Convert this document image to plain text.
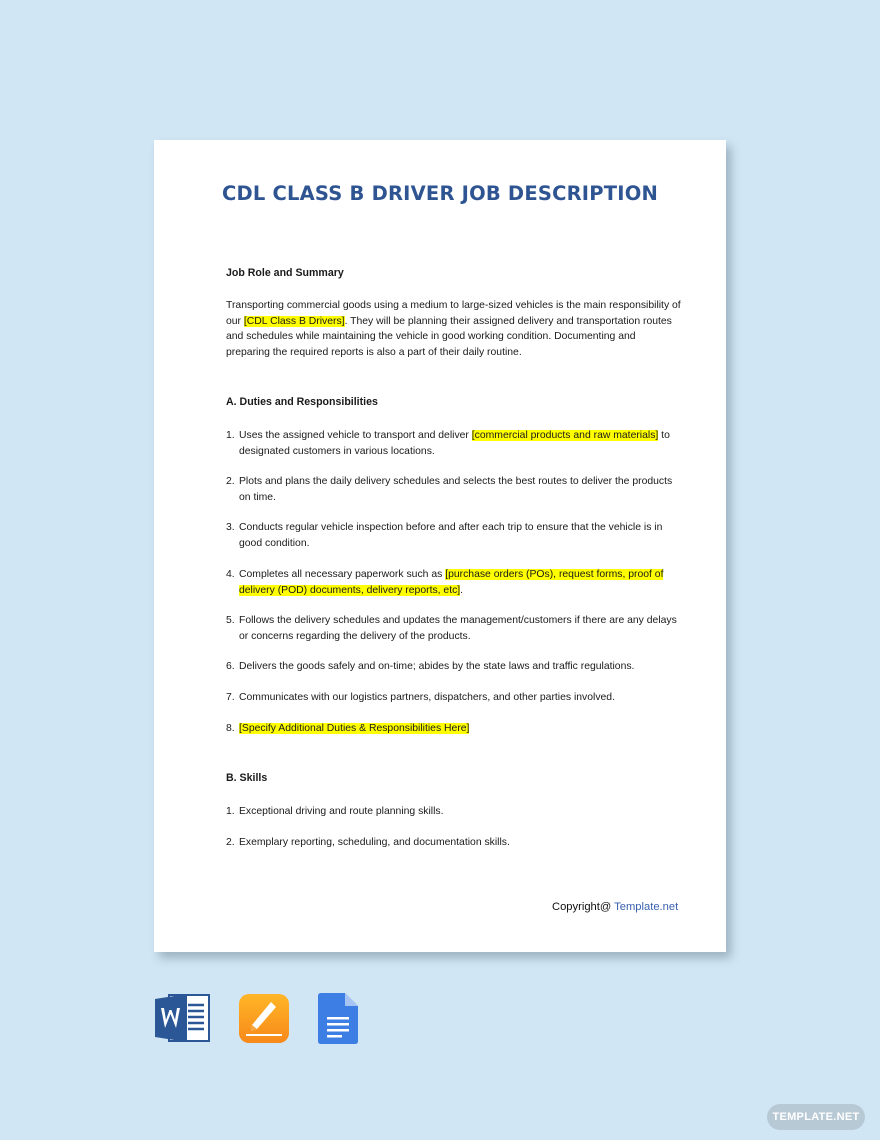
CDL CLASS B DRIVER JOB DESCRIPTION
Job Role and Summary
Transporting commercial goods using a medium to large-sized vehicles is the main responsibility of our [CDL Class B Drivers]. They will be planning their assigned delivery and transportation routes and schedules while maintaining the vehicle in good working condition. Documenting and preparing the required reports is also a part of their daily routine.
A. Duties and Responsibilities
1. Uses the assigned vehicle to transport and deliver [commercial products and raw materials] to designated customers in various locations.
2. Plots and plans the daily delivery schedules and selects the best routes to deliver the products on time.
3. Conducts regular vehicle inspection before and after each trip to ensure that the vehicle is in good condition.
4. Completes all necessary paperwork such as [purchase orders (POs), request forms, proof of delivery (POD) documents, delivery reports, etc].
5. Follows the delivery schedules and updates the management/customers if there are any delays or concerns regarding the delivery of the products.
6. Delivers the goods safely and on-time; abides by the state laws and traffic regulations.
7. Communicates with our logistics partners, dispatchers, and other parties involved.
8. [Specify Additional Duties & Responsibilities Here]
B. Skills
1. Exceptional driving and route planning skills.
2. Exemplary reporting, scheduling, and documentation skills.
Copyright@ Template.net
TEMPLATE.NET
